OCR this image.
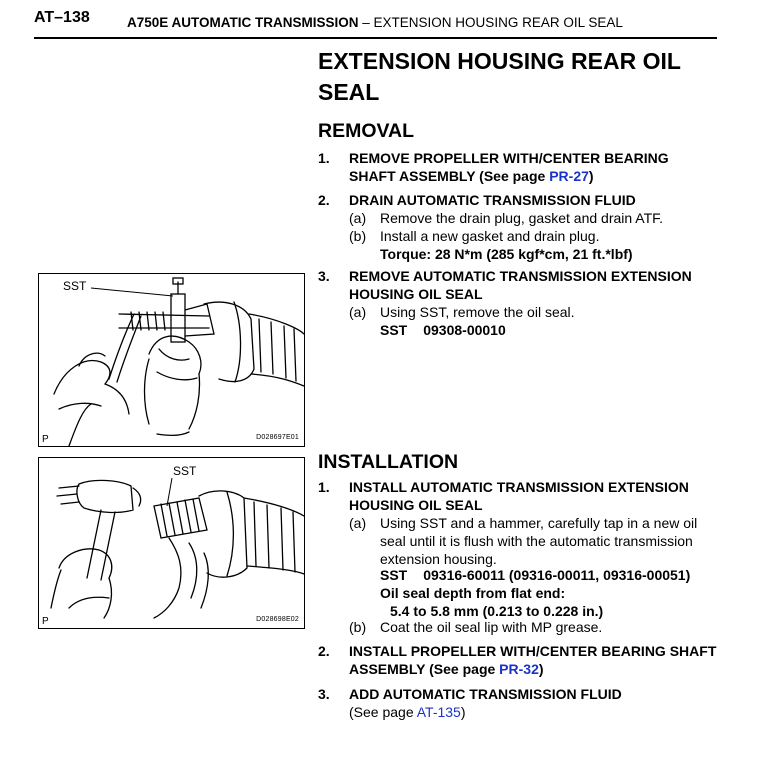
AT–138	A750E AUTOMATIC TRANSMISSION – EXTENSION HOUSING REAR OIL SEAL
EXTENSION HOUSING REAR OIL SEAL
REMOVAL
1. REMOVE PROPELLER WITH/CENTER BEARING SHAFT ASSEMBLY (See page PR-27)
2. DRAIN AUTOMATIC TRANSMISSION FLUID
(a) Remove the drain plug, gasket and drain ATF.
(b) Install a new gasket and drain plug.
Torque: 28 N*m (285 kgf*cm, 21 ft.*lbf)
3. REMOVE AUTOMATIC TRANSMISSION EXTENSION HOUSING OIL SEAL
(a) Using SST, remove the oil seal.
SST 09308-00010
SST
P	D028697E01
INSTALLATION
1. INSTALL AUTOMATIC TRANSMISSION EXTENSION HOUSING OIL SEAL
(a) Using SST and a hammer, carefully tap in a new oil seal until it is flush with the automatic transmission extension housing.
SST 09316-60011 (09316-00011, 09316-00051)
Oil seal depth from flat end:
5.4 to 5.8 mm (0.213 to 0.228 in.)
(b) Coat the oil seal lip with MP grease.
2. INSTALL PROPELLER WITH/CENTER BEARING SHAFT ASSEMBLY (See page PR-32)
3. ADD AUTOMATIC TRANSMISSION FLUID
(See page AT-135)
SST
P	D028698E02
